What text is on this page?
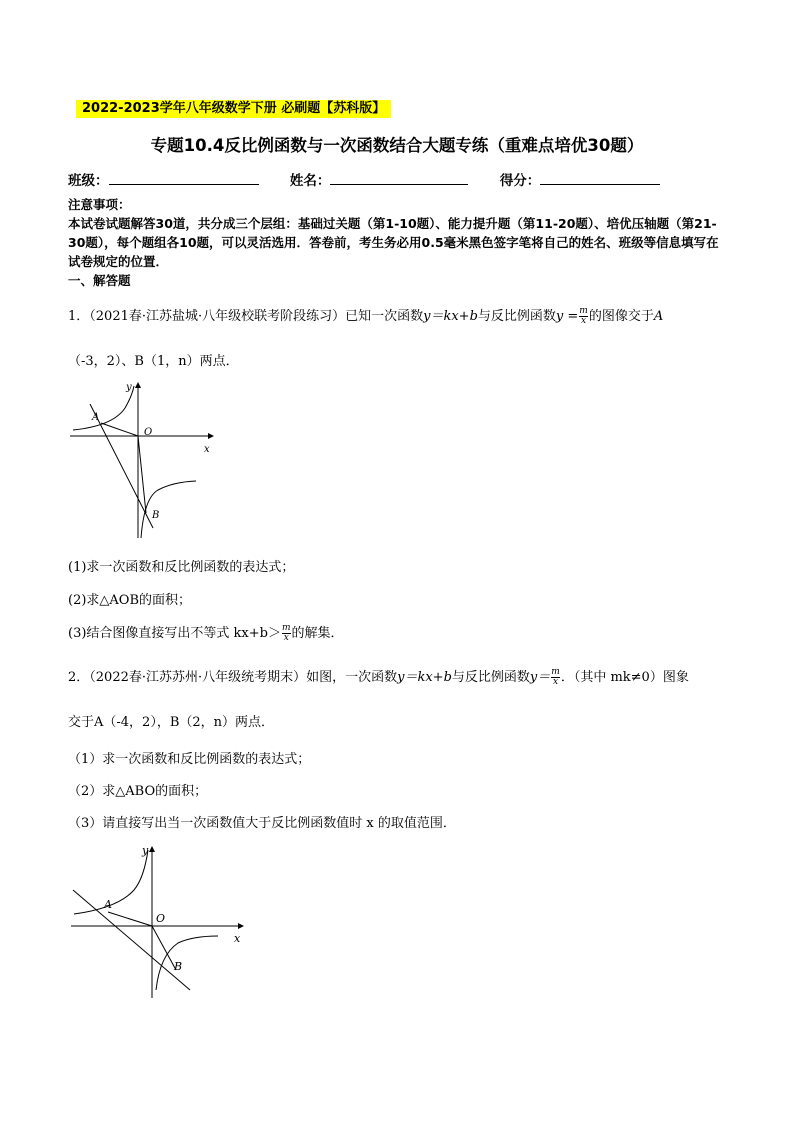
2022-2023学年八年级数学下册 必刷题【苏科版】
专题10.4反比例函数与一次函数结合大题专练（重难点培优30题）
班级：	姓名：	得分：
注意事项：
本试卷试题解答30道，共分成三个层组：基础过关题（第1-10题）、能力提升题（第11-20题）、培优压轴题（第21-30题），每个题组各10题，可以灵活选用．答卷前，考生务必用0.5毫米黑色签字笔将自己的姓名、班级等信息填写在试卷规定的位置．
一、解答题
1．（2021春·江苏盐城·八年级校联考阶段练习）已知一次函数y＝kx+b与反比例函数$y = \frac{m}{x}$ 的图像交于A
（-3，2）、B（1，n）两点．
y
x
O
A
B
(1)求一次函数和反比例函数的表达式；
(2)求△AOB的面积；
(3)结合图像直接写出不等式 $kx+b> \frac{m}{x}$ 的解集．
2．（2022春·江苏苏州·八年级统考期末）如图，一次函数y＝kx+b与反比例函数$y= \frac{m}{x}$ ．（其中 mk≠0）图象
交于A（-4，2），B（2，n）两点．
（1）求一次函数和反比例函数的表达式；
（2）求△ABO的面积；
（3）请直接写出当一次函数值大于反比例函数值时 x 的取值范围．
y
x
O
A
B
